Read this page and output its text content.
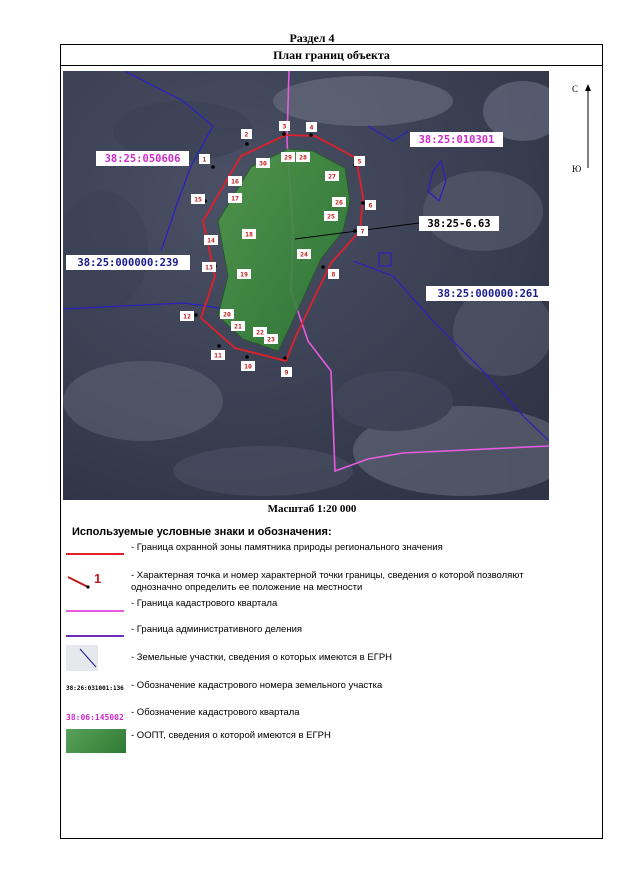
Раздел 4
План границ объекта
1
2
3	4
5
6
7
8
9
10
11
12
13
14
15
16
17
18
19
20
21
22
23
24
25
26
27
28
29
30
38:25:050606
38:25:010301
38:25:000000:239
38:25:000000:261
38:25-6.63
С
Ю
Масштаб 1:20 000
Используемые условные знаки и обозначения:
- Граница охранной зоны памятника природы регионального значения
1	- Характерная точка и номер характерной точки границы, сведения о которой позволяют однозначно определить ее положение на местности
- Граница кадастрового квартала
- Граница административного деления
- Земельные участки, сведения о которых имеются в ЕГРН
38:26:031001:136 - Обозначение кадастрового номера земельного участка
38:06:145002 - Обозначение кадастрового квартала
- ООПТ, сведения о которой имеются в ЕГРН
